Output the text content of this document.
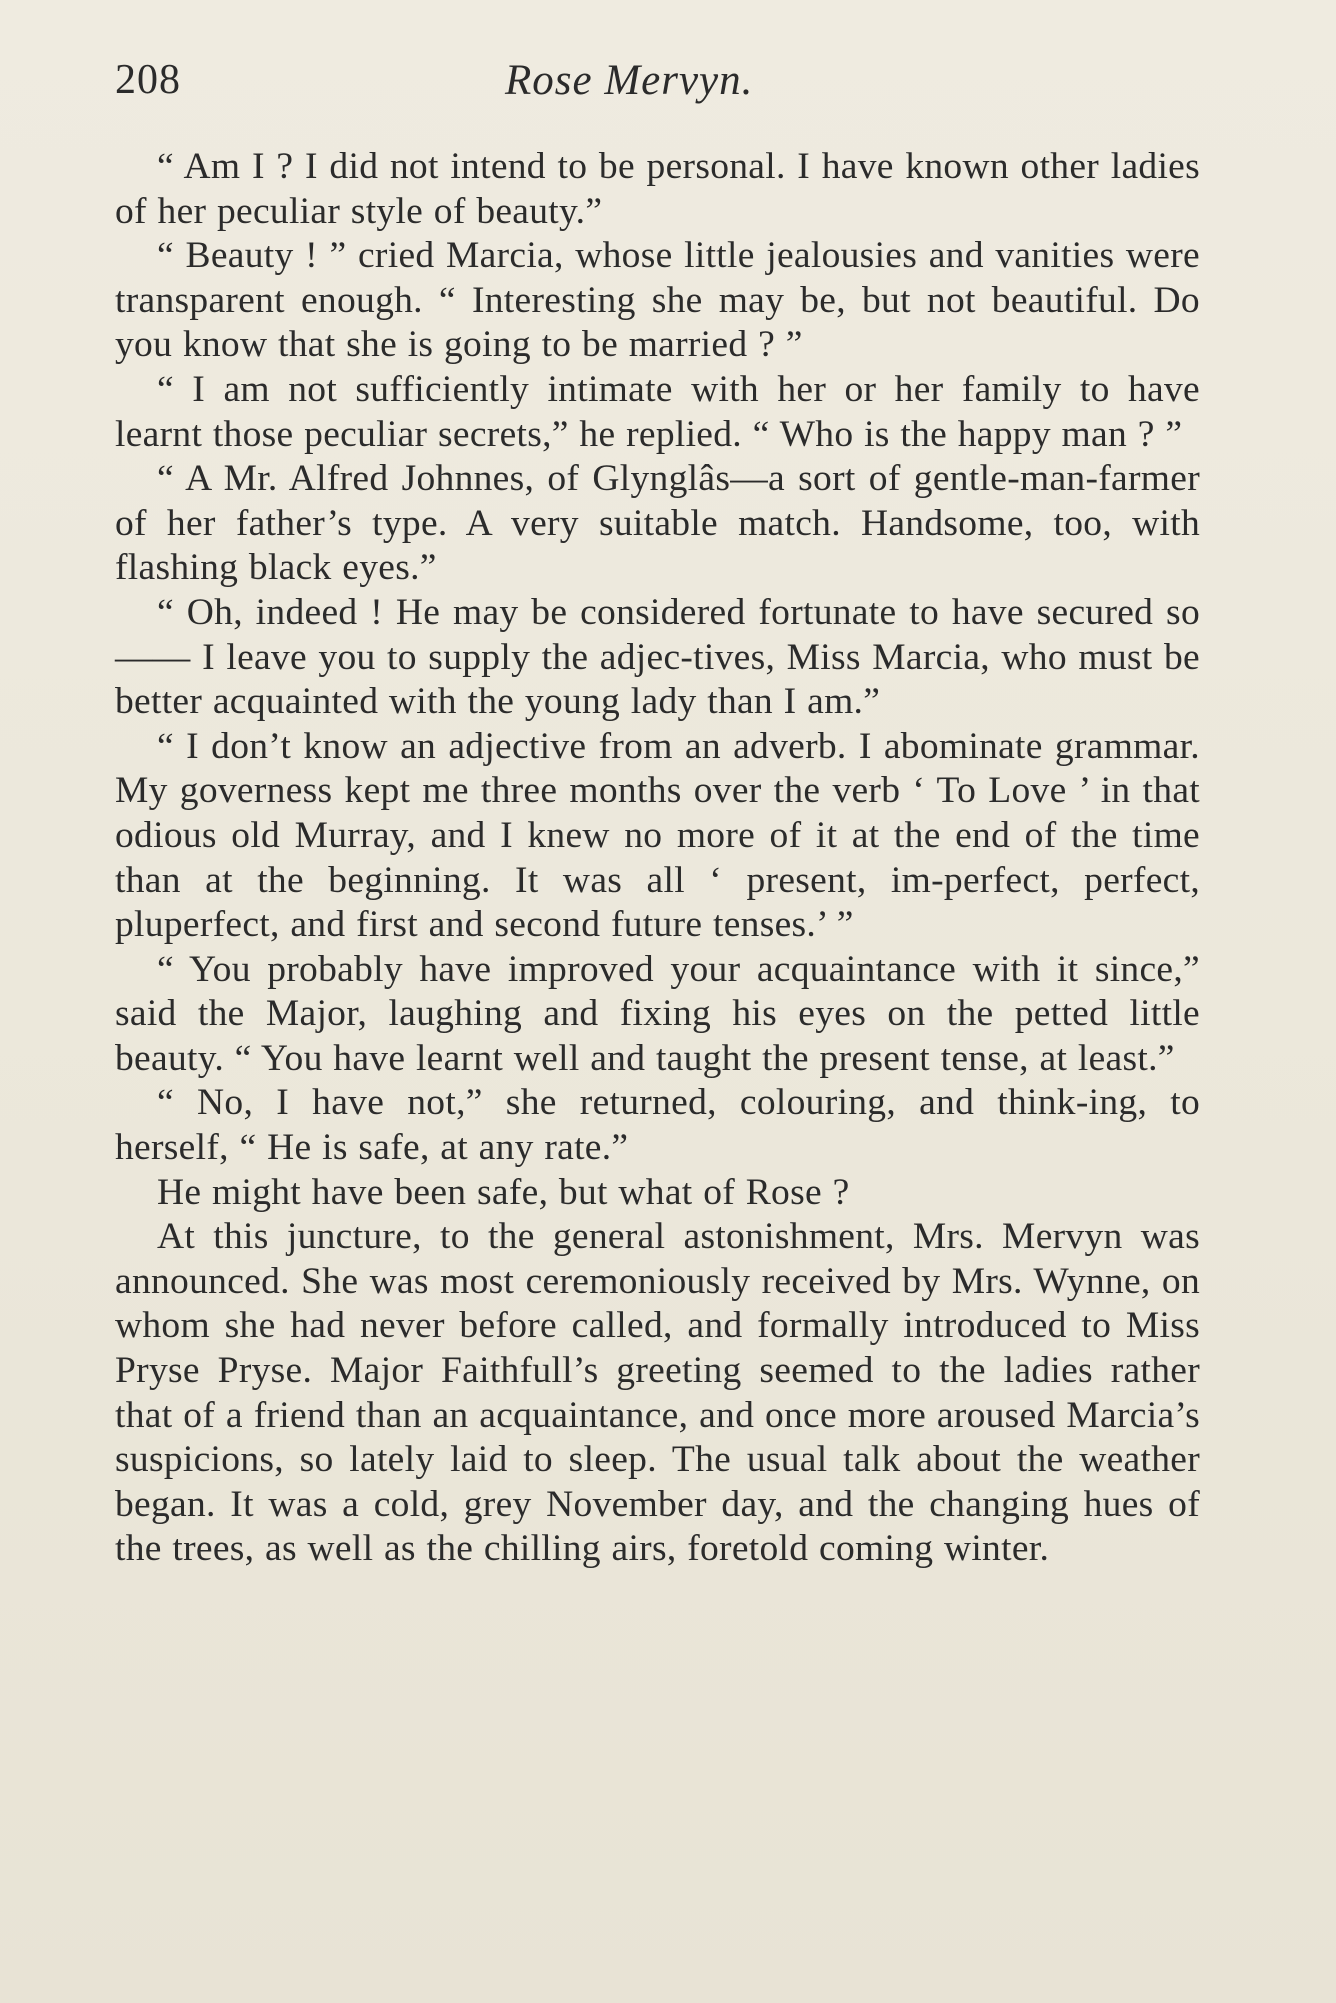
208	Rose Mervyn.

“ Am I ? I did not intend to be personal. I have known other ladies of her peculiar style of beauty.”

“ Beauty ! ” cried Marcia, whose little jealousies and vanities were transparent enough. “ Interesting she may be, but not beautiful. Do you know that she is going to be married ? ”

“ I am not sufficiently intimate with her or her family to have learnt those peculiar secrets,” he replied. “ Who is the happy man ? ”

“ A Mr. Alfred Johnnes, of Glynglâs—a sort of gentle-man-farmer of her father’s type. A very suitable match. Handsome, too, with flashing black eyes.”

“ Oh, indeed ! He may be considered fortunate to have secured so—— I leave you to supply the adjec-tives, Miss Marcia, who must be better acquainted with the young lady than I am.”

“ I don’t know an adjective from an adverb. I abominate grammar. My governess kept me three months over the verb ‘ To Love ’ in that odious old Murray, and I knew no more of it at the end of the time than at the beginning. It was all ‘ present, im-perfect, perfect, pluperfect, and first and second future tenses.’ ”

“ You probably have improved your acquaintance with it since,” said the Major, laughing and fixing his eyes on the petted little beauty. “ You have learnt well and taught the present tense, at least.”

“ No, I have not,” she returned, colouring, and think-ing, to herself, “ He is safe, at any rate.”

He might have been safe, but what of Rose ?

At this juncture, to the general astonishment, Mrs. Mervyn was announced. She was most ceremoniously received by Mrs. Wynne, on whom she had never before called, and formally introduced to Miss Pryse Pryse. Major Faithfull’s greeting seemed to the ladies rather that of a friend than an acquaintance, and once more aroused Marcia’s suspicions, so lately laid to sleep. The usual talk about the weather began. It was a cold, grey November day, and the changing hues of the trees, as well as the chilling airs, foretold coming winter.
